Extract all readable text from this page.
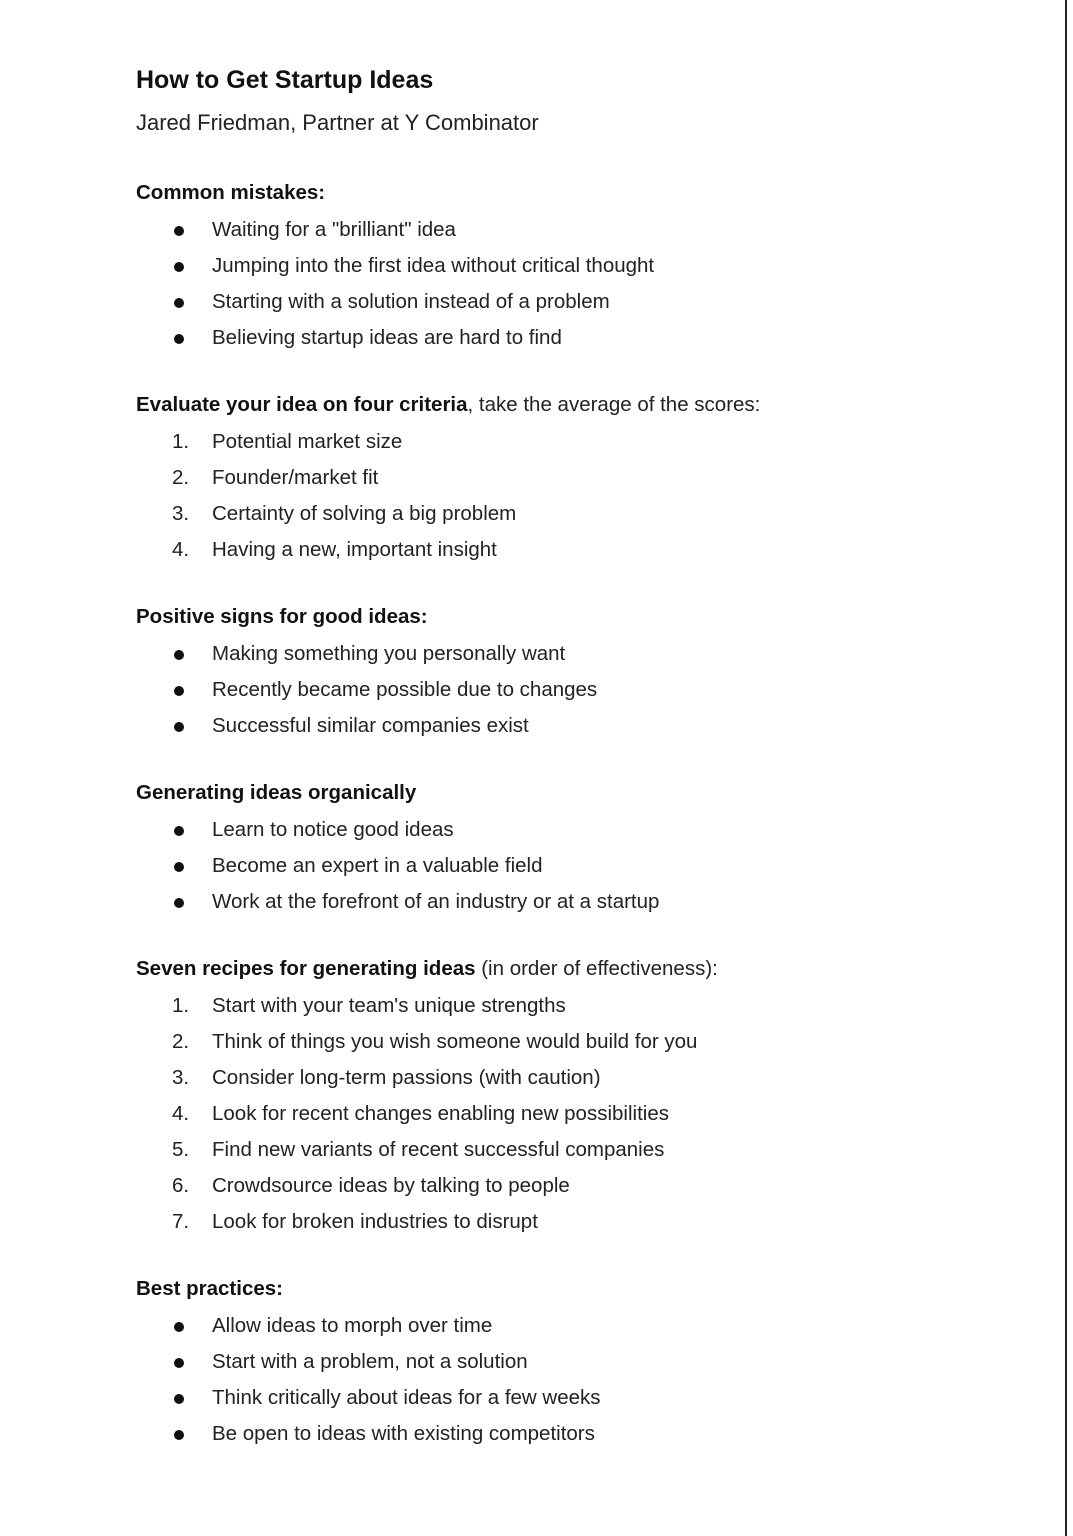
How to Get Startup Ideas

Jared Friedman, Partner at Y Combinator

Common mistakes:

Waiting for a "brilliant" idea
Jumping into the first idea without critical thought
Starting with a solution instead of a problem
Believing startup ideas are hard to find

Evaluate your idea on four criteria, take the average of the scores:

1.	Potential market size
2.	Founder/market fit
3.	Certainty of solving a big problem
4.	Having a new, important insight

Positive signs for good ideas:

Making something you personally want
Recently became possible due to changes
Successful similar companies exist

Generating ideas organically

Learn to notice good ideas
Become an expert in a valuable field
Work at the forefront of an industry or at a startup

Seven recipes for generating ideas (in order of effectiveness):

1.	Start with your team's unique strengths
2.	Think of things you wish someone would build for you
3.	Consider long-term passions (with caution)
4.	Look for recent changes enabling new possibilities
5.	Find new variants of recent successful companies
6.	Crowdsource ideas by talking to people
7.	Look for broken industries to disrupt

Best practices:

Allow ideas to morph over time
Start with a problem, not a solution
Think critically about ideas for a few weeks
Be open to ideas with existing competitors
